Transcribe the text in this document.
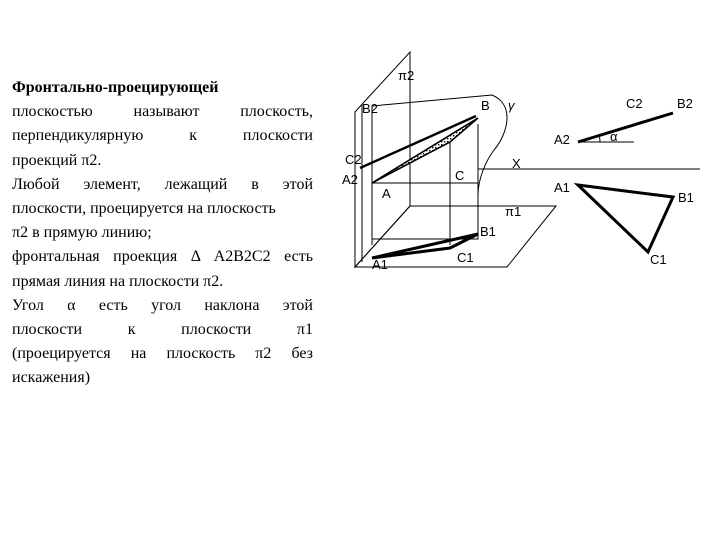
Фронтально-проецирующей
плоскостью называют плоскость,
перпендикулярную к плоскости
проекций π2.
Любой элемент, лежащий в этой
плоскости, проецируется на плоскость
π2 в прямую линию;
фронтальная проекция Δ A2B2C2 есть
прямая линия на плоскости π2.
Угол α есть угол наклона этой
плоскости к плоскости π1
(проецируется на плоскость π2 без
искажения)
π2
B2	B γ
C2
A2
A
C
π1
B1
C1
A1
C2	B2
A2	α
X
A1
B1
C1
